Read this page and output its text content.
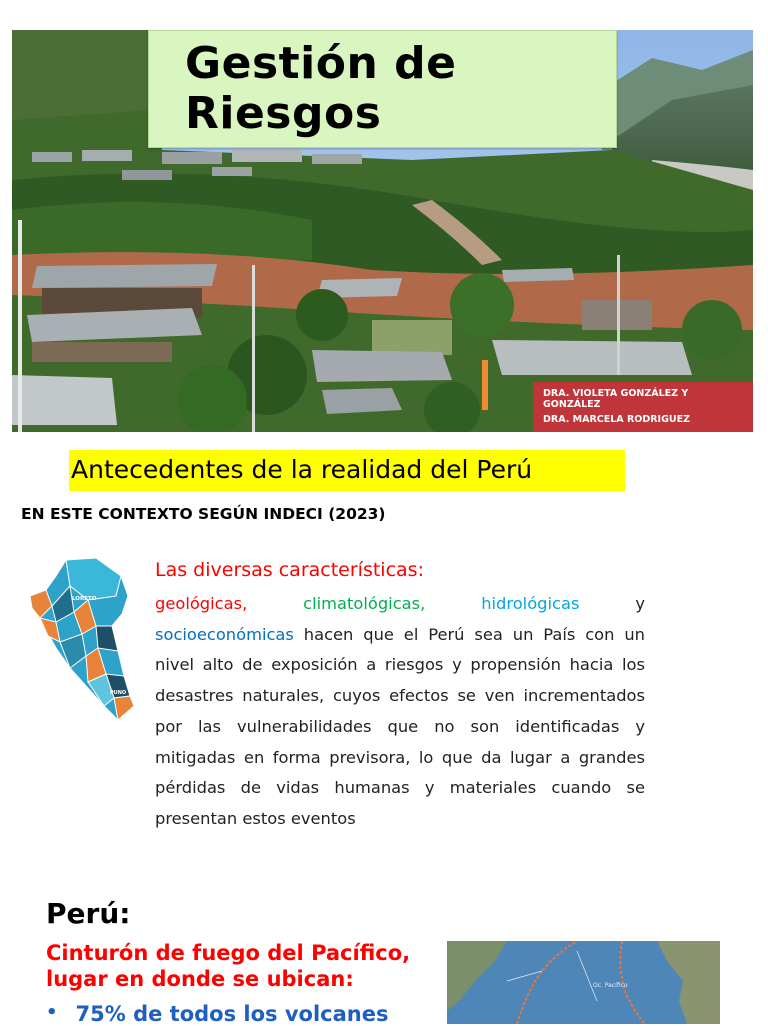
Gestión de
Riesgos
DRA. VIOLETA GONZÁLEZ Y GONZÁLEZ
DRA. MARCELA RODRIGUEZ
Antecedentes de la realidad del Perú
EN ESTE CONTEXTO SEGÚN INDECI (2023)
LORETO
PUNO
Las diversas características:
geológicas,	climatológicas,	hidrológicas	y
socioeconómicas hacen que el Perú sea un País con un nivel alto de exposición a riesgos y propensión hacia los desastres naturales, cuyos efectos se ven incrementados por las vulnerabilidades que no son identificadas y mitigadas en forma previsora, lo que da lugar a grandes pérdidas de vidas humanas y materiales cuando se presentan estos eventos
Perú:
Cinturón de fuego del Pacífico, lugar en donde se ubican:
• 75% de todos los volcanes
Oc. Pacífico
